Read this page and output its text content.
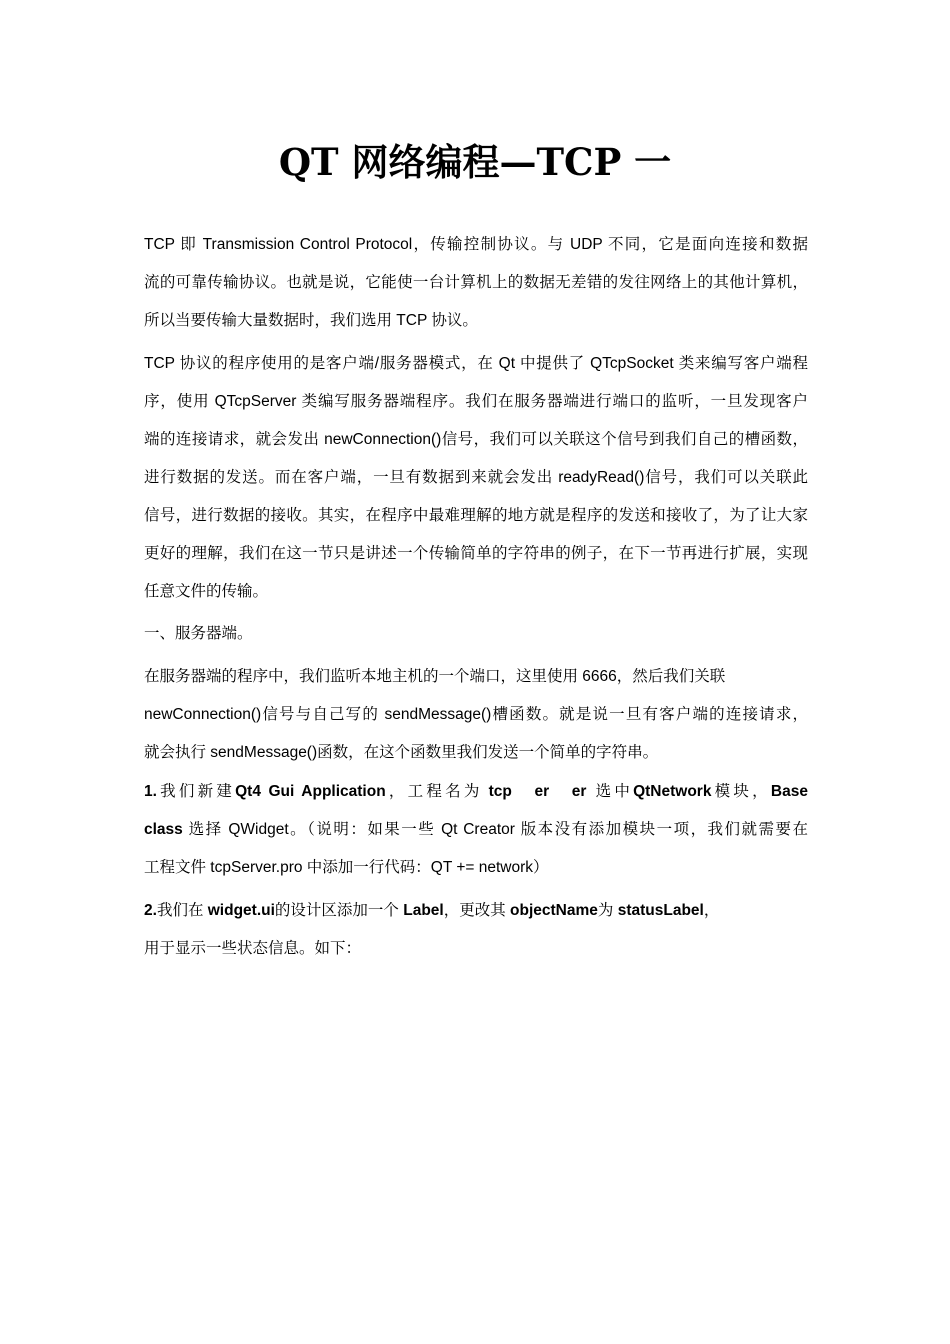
QT 网络编程—TCP 一
TCP 即 Transmission Control Protocol，传输控制协议。与 UDP 不同，它是面向连接和数据
流的可靠传输协议。也就是说，它能使一台计算机上的数据无差错的发往网络上的其他计算机，
所以当要传输大量数据时，我们选用 TCP 协议。
TCP 协议的程序使用的是客户端/服务器模式，在 Qt 中提供了 QTcpSocket 类来编写客户端程
序，使用 QTcpServer 类编写服务器端程序。我们在服务器端进行端口的监听，一旦发现客户
端的连接请求，就会发出 newConnection()信号，我们可以关联这个信号到我们自己的槽函数，
进行数据的发送。而在客户端，一旦有数据到来就会发出 readyRead()信号，我们可以关联此
信号，进行数据的接收。其实，在程序中最难理解的地方就是程序的发送和接收了，为了让大家
更好的理解，我们在这一节只是讲述一个传输简单的字符串的例子，在下一节再进行扩展，实现
任意文件的传输。
一、服务器端。
在服务器端的程序中，我们监听本地主机的一个端口，这里使用 6666，然后我们关联
newConnection()信号与自己写的 sendMessage()槽函数。就是说一旦有客户端的连接请求，
就会执行 sendMessage()函数，在这个函数里我们发送一个简单的字符串。
1.我们新建Qt4 Gui Application，工程名为 tcp   er   er 选中QtNetwork模块，Base
class 选择 QWidget。（说明：如果一些 Qt Creator 版本没有添加模块一项，我们就需要在
工程文件 tcpServer.pro 中添加一行代码：QT += network）
2.我们在 widget.ui的设计区添加一个 Label，更改其 objectName为 statusLabel，
用于显示一些状态信息。如下：
